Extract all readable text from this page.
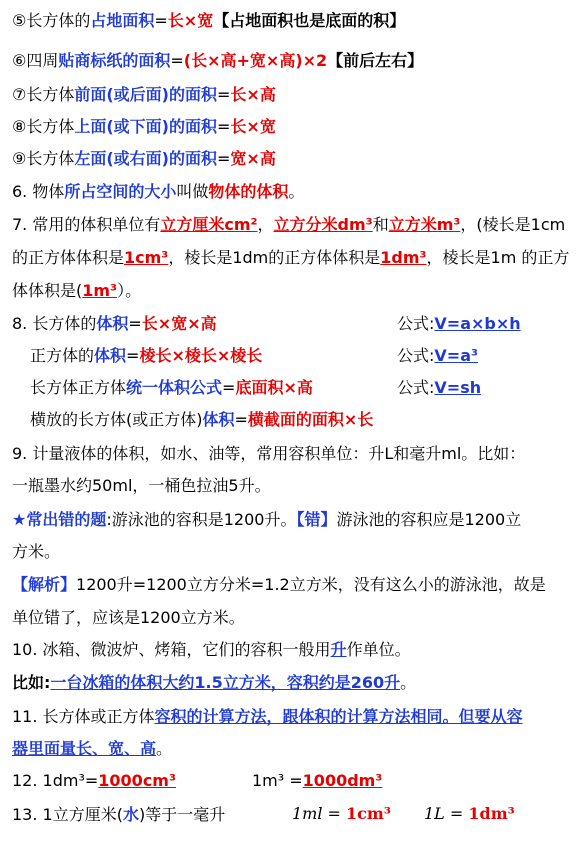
⑤长方体的占地面积=长×宽【占地面积也是底面的积】
⑥四周贴商标纸的面积=(长×高+宽×高)×2【前后左右】
⑦长方体前面(或后面)的面积=长×高
⑧长方体上面(或下面)的面积=长×宽
⑨长方体左面(或右面)的面积=宽×高
6. 物体所占空间的大小叫做物体的体积。
7. 常用的体积单位有立方厘米cm²，立方分米dm³和立方米m³，(棱长是1cm
的正方体体积是1cm³，棱长是1dm的正方体体积是1dm³，棱长是1m 的正方
体体积是(1m³）。
8. 长方体的体积=长×宽×高	公式:V=a×b×h
正方体的体积=棱长×棱长×棱长	公式:V=a³
长方体正方体统一体积公式=底面积×高	公式:V=sh
横放的长方体(或正方体)体积=横截面的面积×长
9. 计量液体的体积，如水、油等，常用容积单位：升L和毫升ml。比如：
一瓶墨水约50ml，一桶色拉油5升。
★常出错的题:游泳池的容积是1200升。【错】游泳池的容积应是1200立
方米。
【解析】1200升=1200立方分米=1.2立方米，没有这么小的游泳池，故是
单位错了，应该是1200立方米。
10. 冰箱、微波炉、烤箱，它们的容积一般用升作单位。
比如:一台冰箱的体积大约1.5立方米，容积约是260升。
11. 长方体或正方体容积的计算方法，跟体积的计算方法相同。但要从容
器里面量长、宽、高。
12. 1dm³=1000cm³	1m³ =1000dm³
13. 1立方厘米(水)等于一毫升	1ml = 1cm³ 1L = 1dm³
